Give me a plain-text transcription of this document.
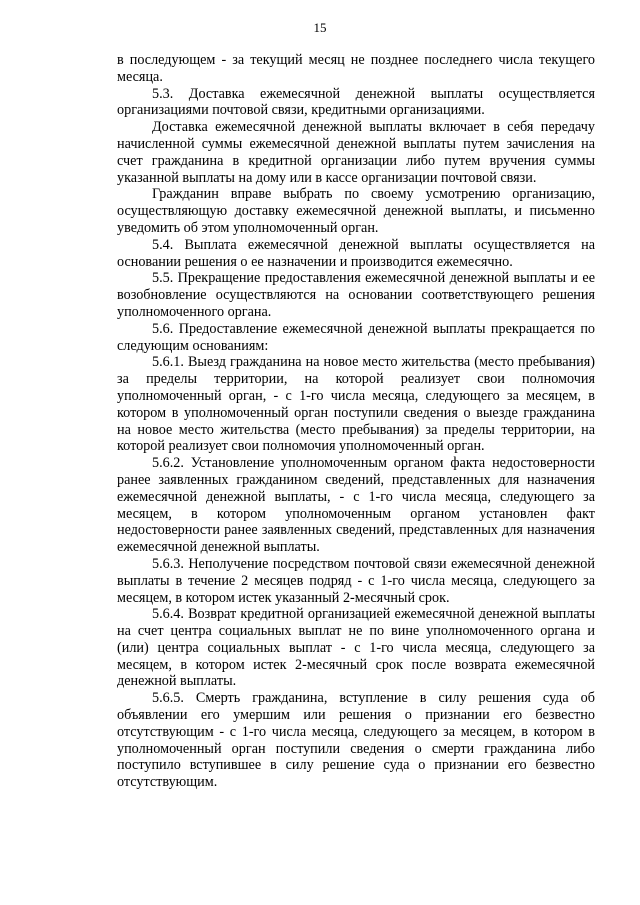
15

в последующем - за текущий месяц не позднее последнего числа текущего месяца.

5.3. Доставка ежемесячной денежной выплаты осуществляется организациями почтовой связи, кредитными организациями.

Доставка ежемесячной денежной выплаты включает в себя передачу начисленной суммы ежемесячной денежной выплаты путем зачисления на счет гражданина в кредитной организации либо путем вручения суммы указанной выплаты на дому или в кассе организации почтовой связи.

Гражданин вправе выбрать по своему усмотрению организацию, осуществляющую доставку ежемесячной денежной выплаты, и письменно уведомить об этом уполномоченный орган.

5.4. Выплата ежемесячной денежной выплаты осуществляется на основании решения о ее назначении и производится ежемесячно.

5.5. Прекращение предоставления ежемесячной денежной выплаты и ее возобновление осуществляются на основании соответствующего решения уполномоченного органа.

5.6. Предоставление ежемесячной денежной выплаты прекращается по следующим основаниям:

5.6.1. Выезд гражданина на новое место жительства (место пребывания) за пределы территории, на которой реализует свои полномочия уполномоченный орган, - с 1-го числа месяца, следующего за месяцем, в котором в уполномоченный орган поступили сведения о выезде гражданина на новое место жительства (место пребывания) за пределы территории, на которой реализует свои полномочия уполномоченный орган.

5.6.2. Установление уполномоченным органом факта недостоверности ранее заявленных гражданином сведений, представленных для назначения ежемесячной денежной выплаты, - с 1-го числа месяца, следующего за месяцем, в котором уполномоченным органом установлен факт недостоверности ранее заявленных сведений, представленных для назначения ежемесячной денежной выплаты.

5.6.3. Неполучение посредством почтовой связи ежемесячной денежной выплаты в течение 2 месяцев подряд - с 1-го числа месяца, следующего за месяцем, в котором истек указанный 2-месячный срок.

5.6.4. Возврат кредитной организацией ежемесячной денежной выплаты на счет центра социальных выплат не по вине уполномоченного органа и (или) центра социальных выплат - с 1-го числа месяца, следующего за месяцем, в котором истек 2-месячный срок после возврата ежемесячной денежной выплаты.

5.6.5. Смерть гражданина, вступление в силу решения суда об объявлении его умершим или решения о признании его безвестно отсутствующим - с 1-го числа месяца, следующего за месяцем, в котором в уполномоченный орган поступили сведения о смерти гражданина либо поступило вступившее в силу решение суда о признании его безвестно отсутствующим.
